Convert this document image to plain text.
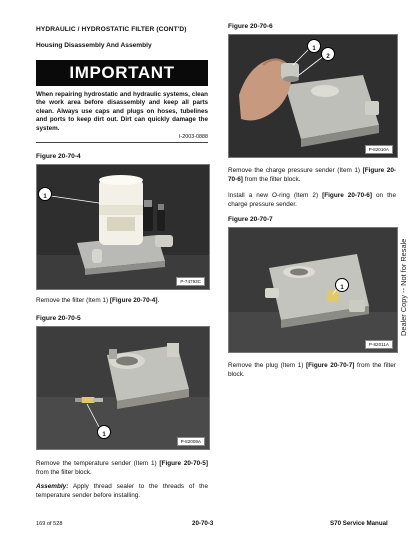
HYDRAULIC / HYDROSTATIC FILTER (CONT'D)
Housing Disassembly And Assembly
IMPORTANT
When repairing hydrostatic and hydraulic systems, clean the work area before disassembly and keep all parts clean. Always use caps and plugs on hoses, tubelines and ports to keep dirt out. Dirt can quickly damage the system.
I-2003-0888
Figure 20-70-4
1
P-74793C
Remove the filter (Item 1) [Figure 20-70-4].
Figure 20-70-5
1
P-82009A
Remove the temperature sender (Item 1) [Figure 20-70-5] from the filter block.
Assembly: Apply thread sealer to the threads of the temperature sender before installing.
Figure 20-70-6
1
2
P-82010A
Remove the charge pressure sender (Item 1) [Figure 20-70-6] from the filter block.
Install a new O-ring (Item 2) [Figure 20-70-6] on the charge pressure sender.
Figure 20-70-7
1
P-82011A
Remove the plug (Item 1) [Figure 20-70-7] from the filter block.
Dealer Copy -- Not for Resale
169 of 528	20-70-3	S70 Service Manual
